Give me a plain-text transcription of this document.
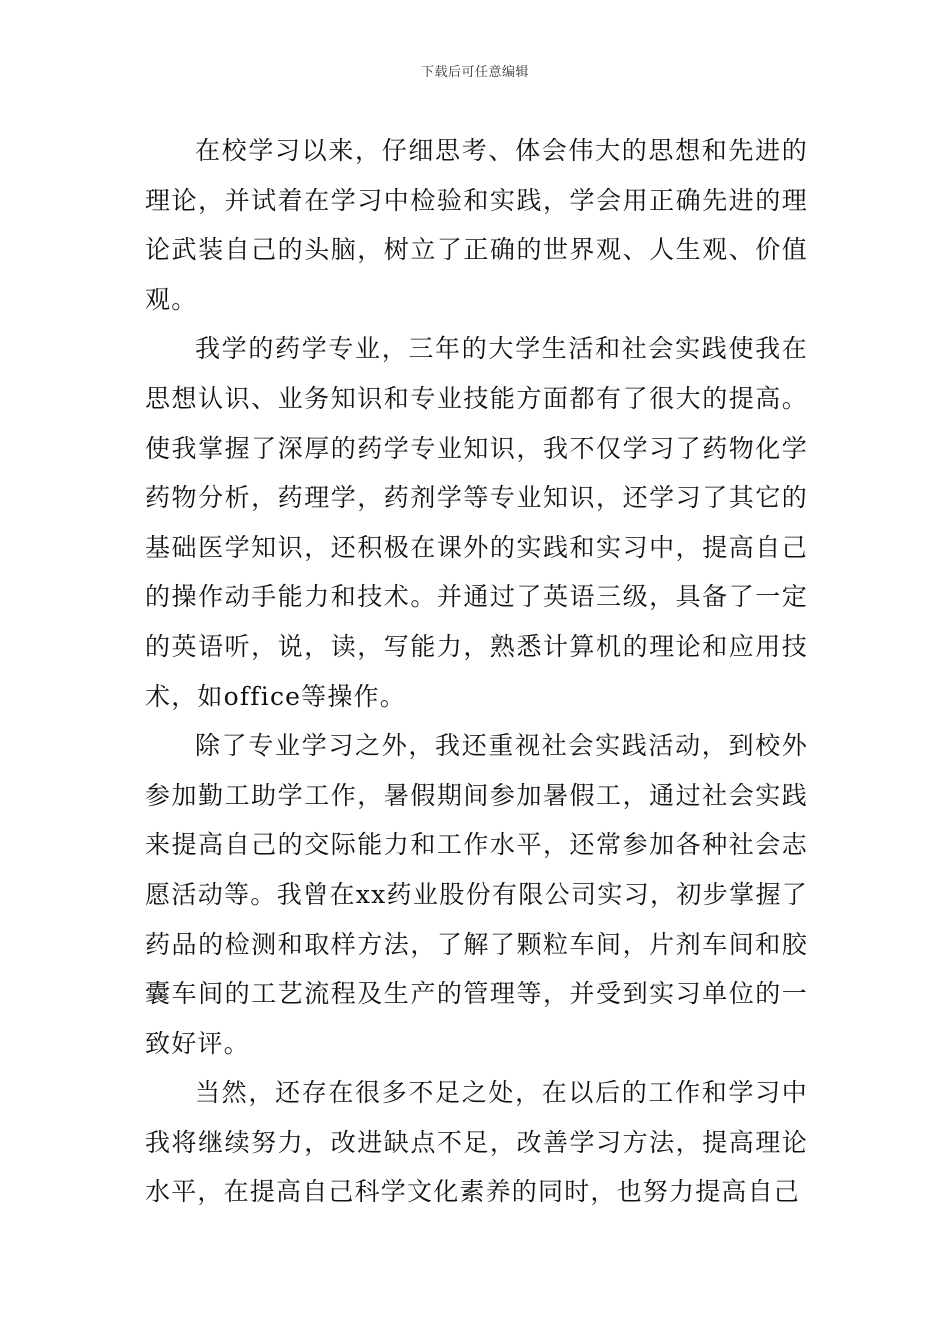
下载后可任意编辑

在校学习以来，仔细思考、体会伟大的思想和先进的理论，并试着在学习中检验和实践，学会用正确先进的理论武装自己的头脑，树立了正确的世界观、人生观、价值观。

我学的药学专业，三年的大学生活和社会实践使我在思想认识、业务知识和专业技能方面都有了很大的提高。使我掌握了深厚的药学专业知识，我不仅学习了药物化学药物分析，药理学，药剂学等专业知识，还学习了其它的基础医学知识，还积极在课外的实践和实习中，提高自己的操作动手能力和技术。并通过了英语三级，具备了一定的英语听，说，读，写能力，熟悉计算机的理论和应用技术，如office等操作。

除了专业学习之外，我还重视社会实践活动，到校外参加勤工助学工作，暑假期间参加暑假工，通过社会实践来提高自己的交际能力和工作水平，还常参加各种社会志愿活动等。我曾在xx药业股份有限公司实习，初步掌握了药品的检测和取样方法，了解了颗粒车间，片剂车间和胶囊车间的工艺流程及生产的管理等，并受到实习单位的一致好评。

当然，还存在很多不足之处，在以后的工作和学习中我将继续努力，改进缺点不足，改善学习方法，提高理论水平，在提高自己科学文化素养的同时，也努力提高自己
